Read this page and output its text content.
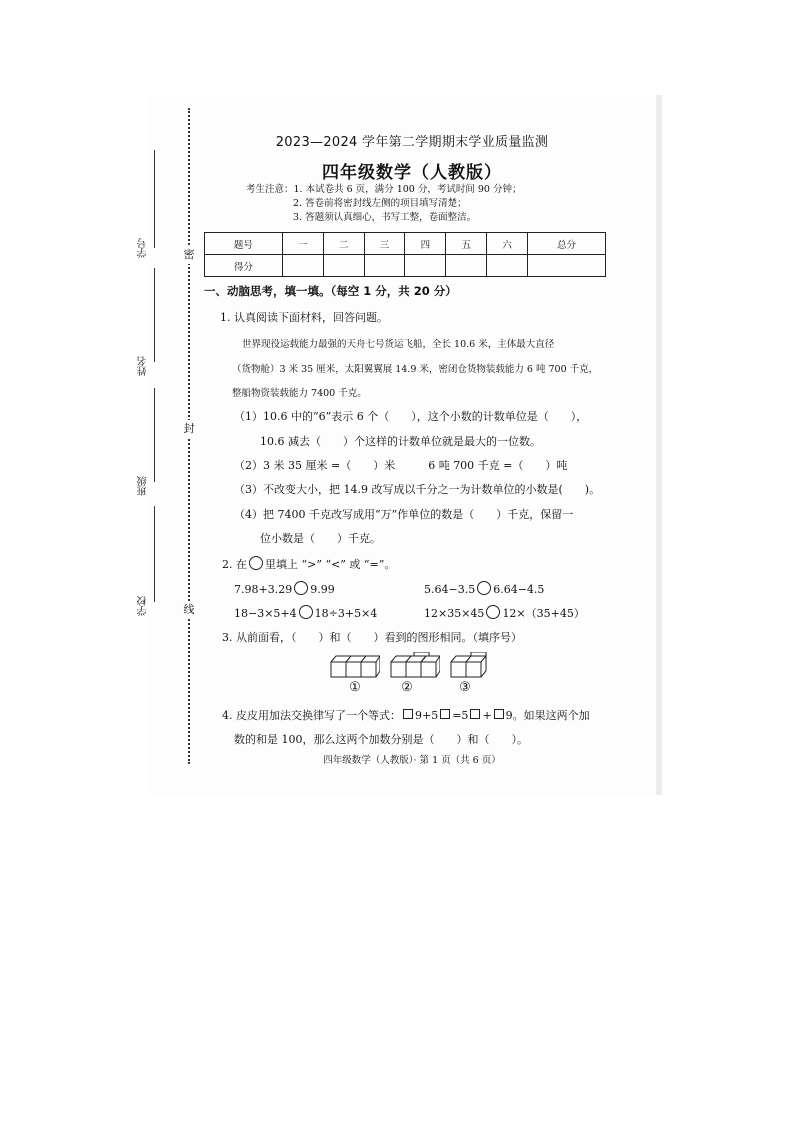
密
封
线
学号
姓名
班级
学校
2023—2024 学年第二学期期末学业质量监测
四年级数学（人教版）
考生注意：1. 本试卷共 6 页，满分 100 分，考试时间 90 分钟；
2. 答卷前将密封线左侧的项目填写清楚；
3. 答题须认真细心，书写工整，卷面整洁。
题号	一	二	三	四	五	六	总分
得分							
一、动脑思考，填一填。（每空 1 分，共 20 分）
1. 认真阅读下面材料，回答问题。
世界现役运载能力最强的天舟七号货运飞船，全长 10.6 米，主体最大直径
（货物舱）3 米 35 厘米，太阳翼翼展 14.9 米，密闭仓货物装载能力 6 吨 700 千克，
整船物资装载能力 7400 千克。
（1）10.6 中的“6”表示 6 个（　　），这个小数的计数单位是（　　），
10.6 减去（　　）个这样的计数单位就是最大的一位数。
（2）3 米 35 厘米 =（　　）米　　　6 吨 700 千克 =（　　）吨
（3）不改变大小，把 14.9 改写成以千分之一为计数单位的小数是(　　)。
（4）把 7400 千克改写成用“万”作单位的数是（　　）千克，保留一
位小数是（　　）千克。
2. 在 里填上 “>” “<” 或 “=”。
7.98+3.29 9.99	5.64−3.5 6.64−4.5
18−3×5+4 18÷3+5×4	12×35×45 12×（35+45）
3. 从前面看，（　　）和（　　）看到的图形相同。（填序号）
①	②	③
4. 皮皮用加法交换律写了一个等式： 9+5 =5 + 9。如果这两个加
数的和是 100，那么这两个加数分别是（　　）和（　　）。
四年级数学（人教版）· 第 1 页（共 6 页）
